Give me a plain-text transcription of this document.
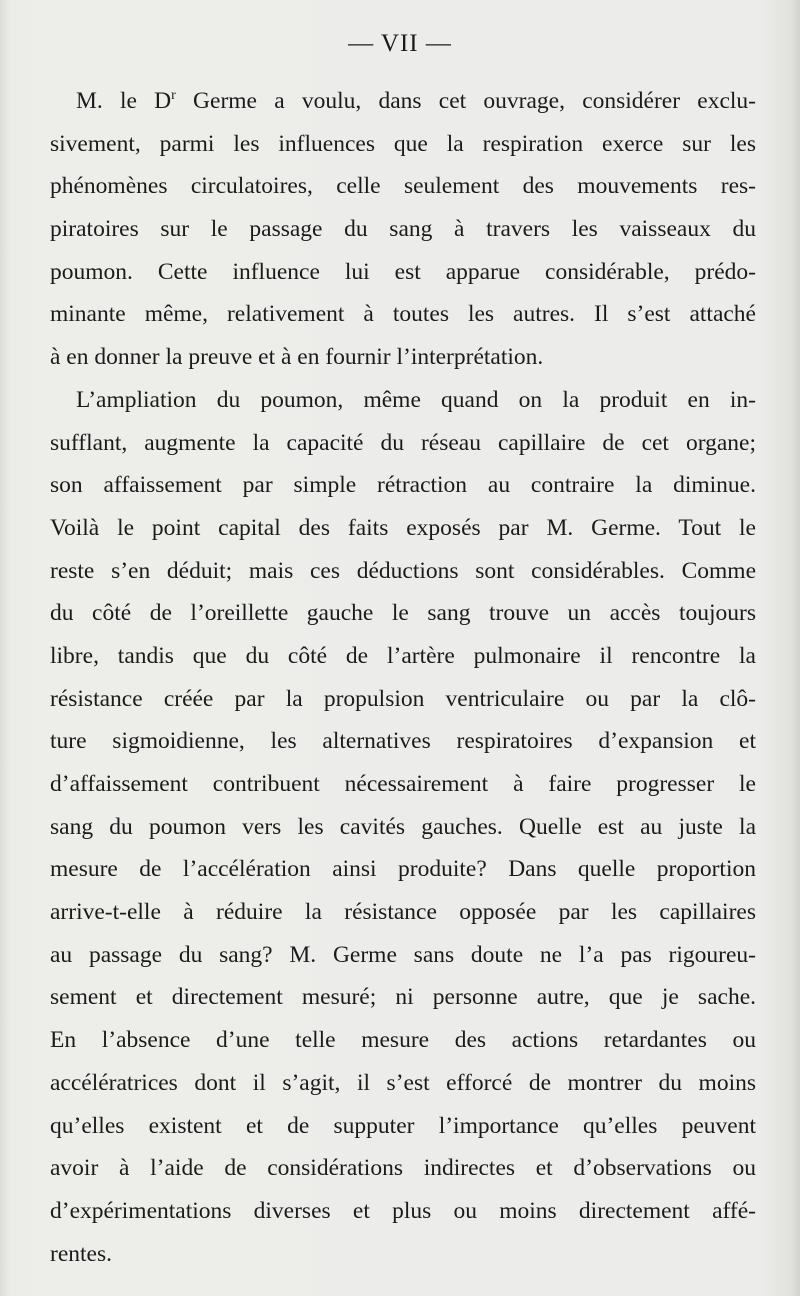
— VII —
M. le D$^r$ Germe a voulu, dans cet ouvrage, considérer exclu-
sivement, parmi les influences que la respiration exerce sur les
phénomènes circulatoires, celle seulement des mouvements res-
piratoires sur le passage du sang à travers les vaisseaux du
poumon. Cette influence lui est apparue considérable, prédo-
minante même, relativement à toutes les autres. Il s’est attaché
à en donner la preuve et à en fournir l’interprétation.
L’ampliation du poumon, même quand on la produit en in-
sufflant, augmente la capacité du réseau capillaire de cet organe;
son affaissement par simple rétraction au contraire la diminue.
Voilà le point capital des faits exposés par M. Germe. Tout le
reste s’en déduit; mais ces déductions sont considérables. Comme
du côté de l’oreillette gauche le sang trouve un accès toujours
libre, tandis que du côté de l’artère pulmonaire il rencontre la
résistance créée par la propulsion ventriculaire ou par la clô-
ture sigmoidienne, les alternatives respiratoires d’expansion et
d’affaissement contribuent nécessairement à faire progresser le
sang du poumon vers les cavités gauches. Quelle est au juste la
mesure de l’accélération ainsi produite? Dans quelle proportion
arrive-t-elle à réduire la résistance opposée par les capillaires
au passage du sang? M. Germe sans doute ne l’a pas rigoureu-
sement et directement mesuré; ni personne autre, que je sache.
En l’absence d’une telle mesure des actions retardantes ou
accélératrices dont il s’agit, il s’est efforcé de montrer du moins
qu’elles existent et de supputer l’importance qu’elles peuvent
avoir à l’aide de considérations indirectes et d’observations ou
d’expérimentations diverses et plus ou moins directement affé-
rentes.
